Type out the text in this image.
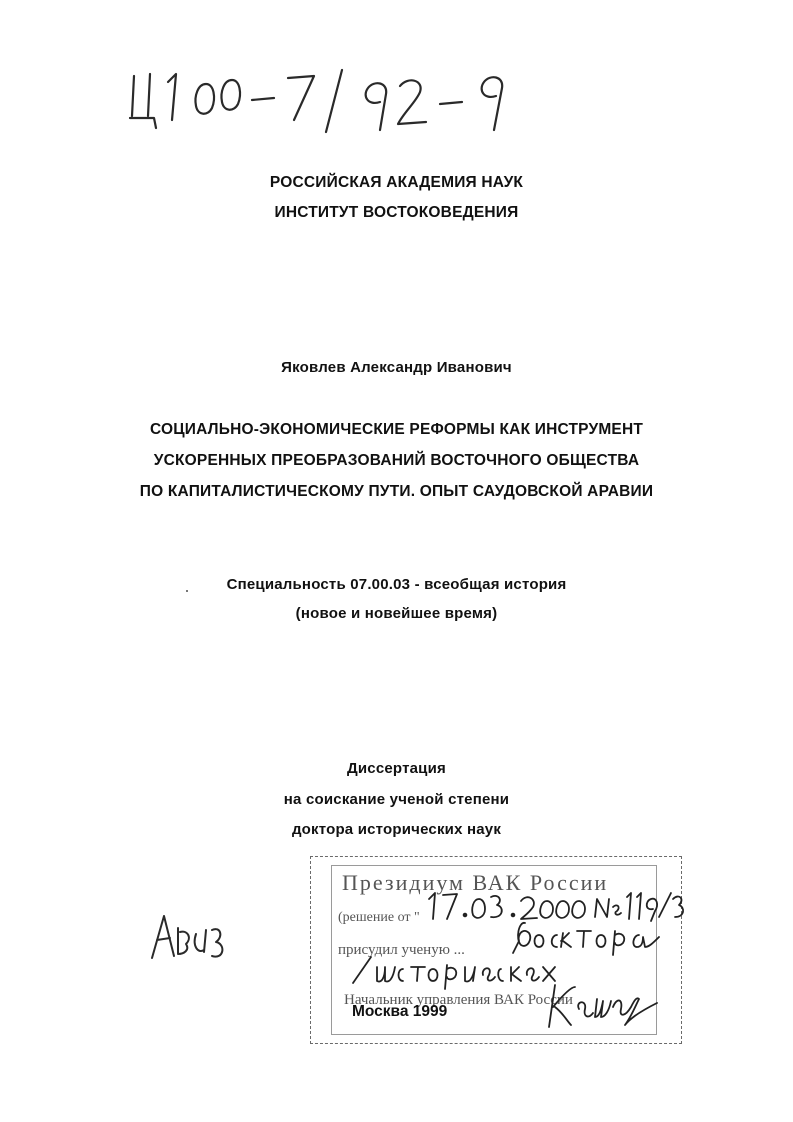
РОССИЙСКАЯ АКАДЕМИЯ НАУК
ИНСТИТУТ ВОСТОКОВЕДЕНИЯ
Яковлев Александр Иванович
СОЦИАЛЬНО-ЭКОНОМИЧЕСКИЕ РЕФОРМЫ КАК ИНСТРУМЕНТ
УСКОРЕННЫХ ПРЕОБРАЗОВАНИЙ ВОСТОЧНОГО ОБЩЕСТВА
ПО КАПИТАЛИСТИЧЕСКОМУ ПУТИ. ОПЫТ САУДОВСКОЙ АРАВИИ
Специальность 07.00.03 - всеобщая история
(новое и новейшее время)
Диссертация
на соискание ученой степени
доктора исторических наук
Президиум ВАК России
(решение от "
присудил ученую ...
Начальник управления ВАК России
Москва 1999
